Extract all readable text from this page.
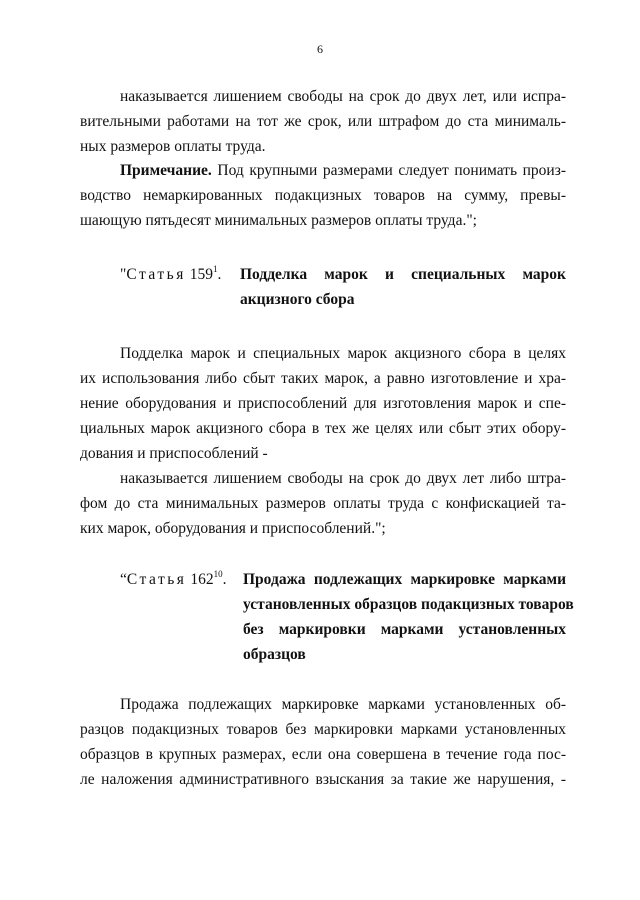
6
наказывается лишением свободы на срок до двух лет, или испра-
вительными работами на тот же срок, или штрафом до ста минималь-
ных размеров оплаты труда.
Примечание. Под крупными размерами следует понимать произ-
водство немаркированных подакцизных товаров на сумму, превы-
шающую пятьдесят минимальных размеров оплаты труда.";
"Статья $159^1$. Подделка марок и специальных марок
акцизного сбора
Подделка марок и специальных марок акцизного сбора в целях
их использования либо сбыт таких марок, а равно изготовление и хра-
нение оборудования и приспособлений для изготовления марок и спе-
циальных марок акцизного сбора в тех же целях или сбыт этих обору-
дования и приспособлений -
наказывается лишением свободы на срок до двух лет либо штра-
фом до ста минимальных размеров оплаты труда с конфискацией та-
ких марок, оборудования и приспособлений.";
“Статья $162^{10}$. Продажа подлежащих маркировке марками
установленных образцов подакцизных товаров
без маркировки марками установленных
образцов
Продажа подлежащих маркировке марками установленных об-
разцов подакцизных товаров без маркировки марками установленных
образцов в крупных размерах, если она совершена в течение года пос-
ле наложения административного взыскания за такие же нарушения, -
